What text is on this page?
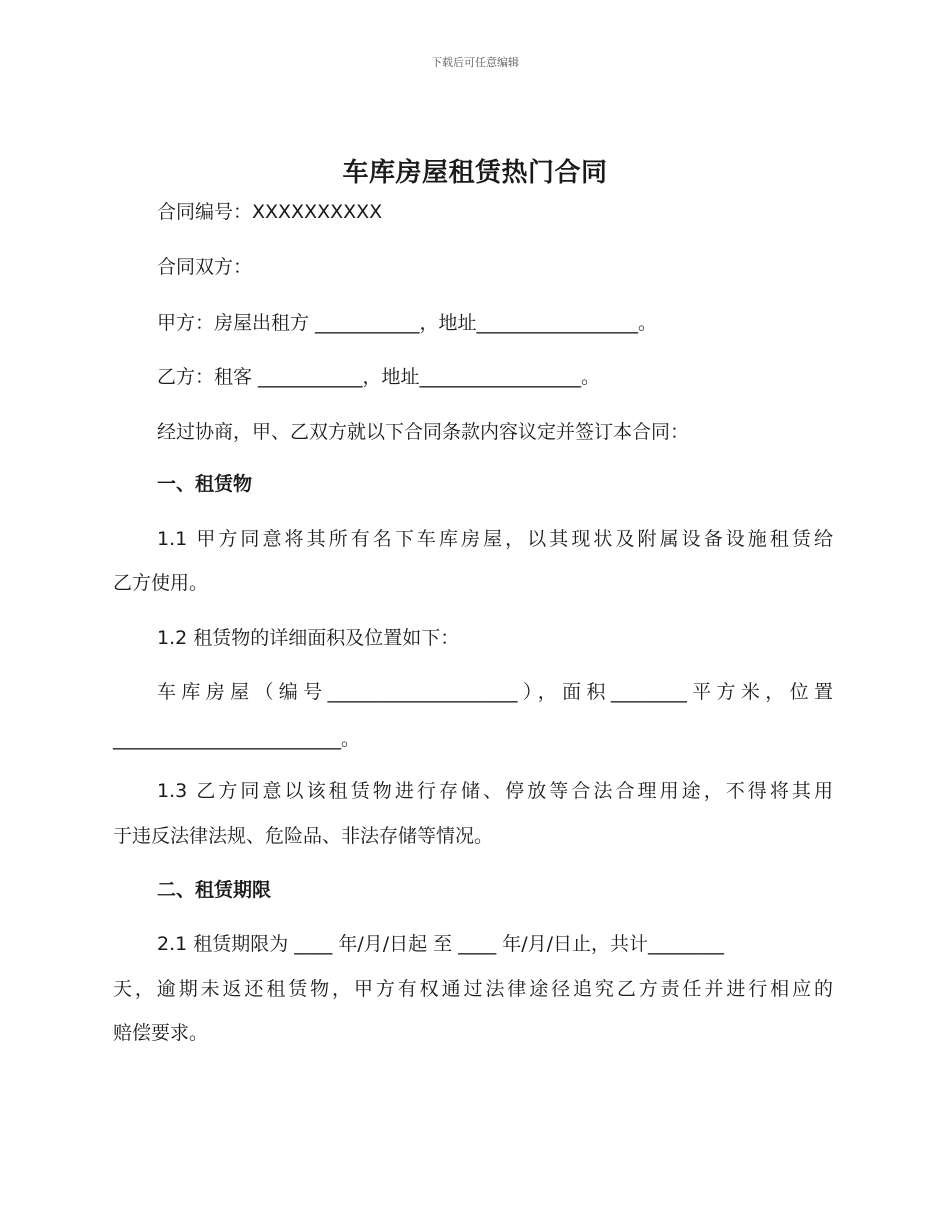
下载后可任意编辑
车库房屋租赁热门合同
合同编号：XXXXXXXXXX
合同双方：
甲方：房屋出租方 ___________，地址_________________。
乙方：租客 ___________，地址_________________。
经过协商，甲、乙双方就以下合同条款内容议定并签订本合同：
一、租赁物
1.1 甲方同意将其所有名下车库房屋，以其现状及附属设备设施租赁给
乙方使用。
1.2 租赁物的详细面积及位置如下：
车库房屋（编号____________________），面积________平方米，位置
________________________。
1.3 乙方同意以该租赁物进行存储、停放等合法合理用途，不得将其用
于违反法律法规、危险品、非法存储等情况。
二、租赁期限
2.1 租赁期限为 ____ 年/月/日起 至 ____ 年/月/日止，共计________
天，逾期未返还租赁物，甲方有权通过法律途径追究乙方责任并进行相应的
赔偿要求。
